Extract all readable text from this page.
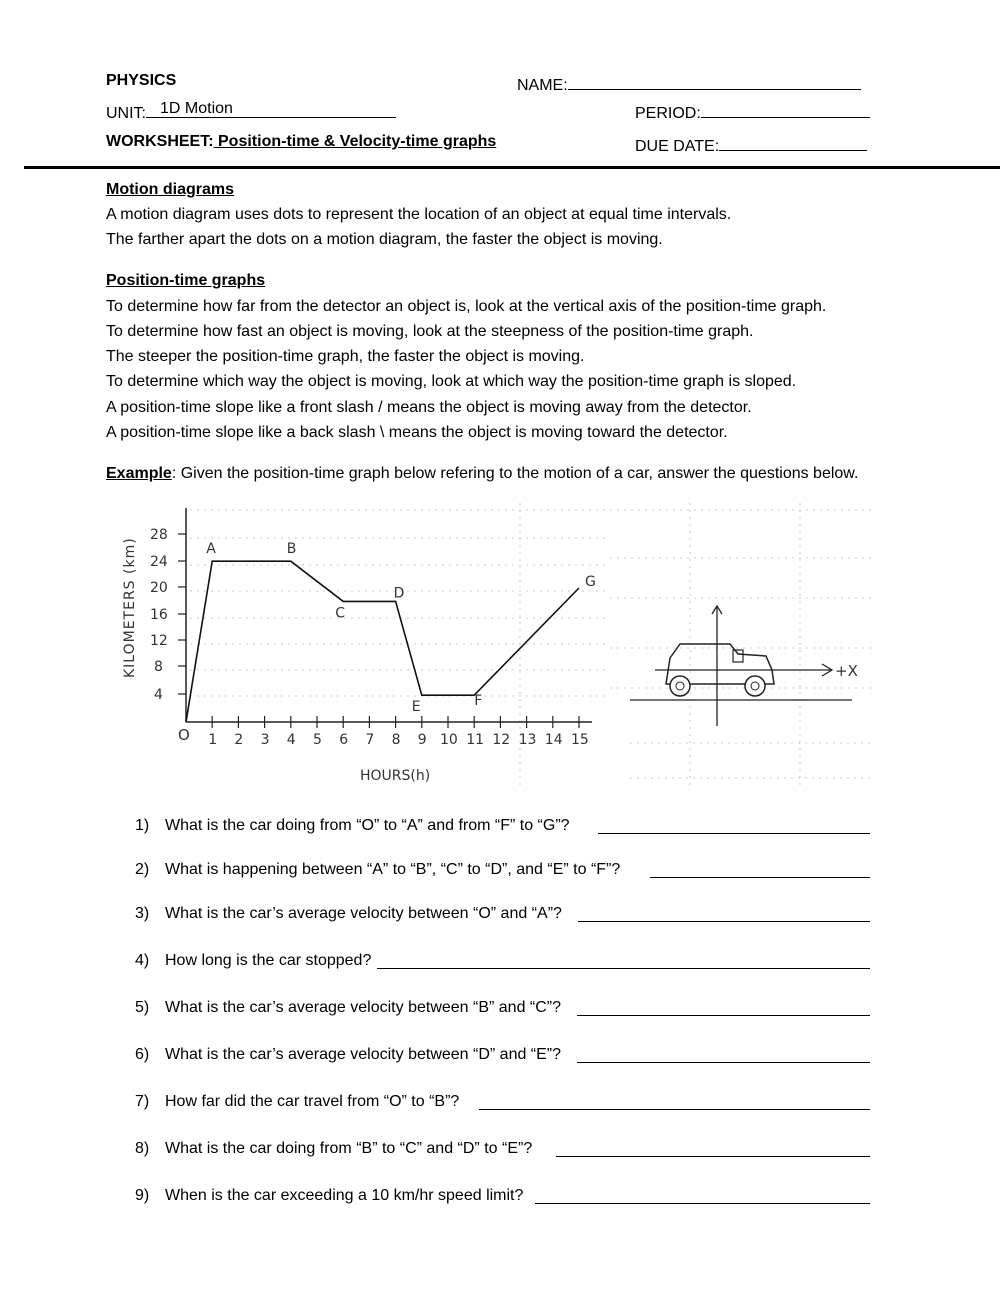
PHYSICS	NAME:
UNIT: 1D Motion	PERIOD:
WORKSHEET: Position-time & Velocity-time graphs	DUE DATE:
Motion diagrams
A motion diagram uses dots to represent the location of an object at equal time intervals.
The farther apart the dots on a motion diagram, the faster the object is moving.
Position-time graphs
To determine how far from the detector an object is, look at the vertical axis of the position-time graph.
To determine how fast an object is moving, look at the steepness of the position-time graph.
The steeper the position-time graph, the faster the object is moving.
To determine which way the object is moving, look at which way the position-time graph is sloped.
A position-time slope like a front slash / means the object is moving away from the detector.
A position-time slope like a back slash \ means the object is moving toward the detector.
Example: Given the position-time graph below refering to the motion of a car, answer the questions below.
KILOMETERS (km)
28
24
20
16
12
8
4
O 1 2 3 4 5 6 7 8 9 10 11 12 13 14 15
HOURS(h)
A	B
C
D
E	F
G
+X
1) What is the car doing from “O” to “A” and from “F” to “G”?
2) What is happening between “A” to “B”, “C” to “D”, and “E” to “F”?
3) What is the car’s average velocity between “O” and “A”?
4) How long is the car stopped?
5) What is the car’s average velocity between “B” and “C”?
6) What is the car’s average velocity between “D” and “E”?
7) How far did the car travel from “O” to “B”?
8) What is the car doing from “B” to “C” and “D” to “E”?
9) When is the car exceeding a 10 km/hr speed limit?
